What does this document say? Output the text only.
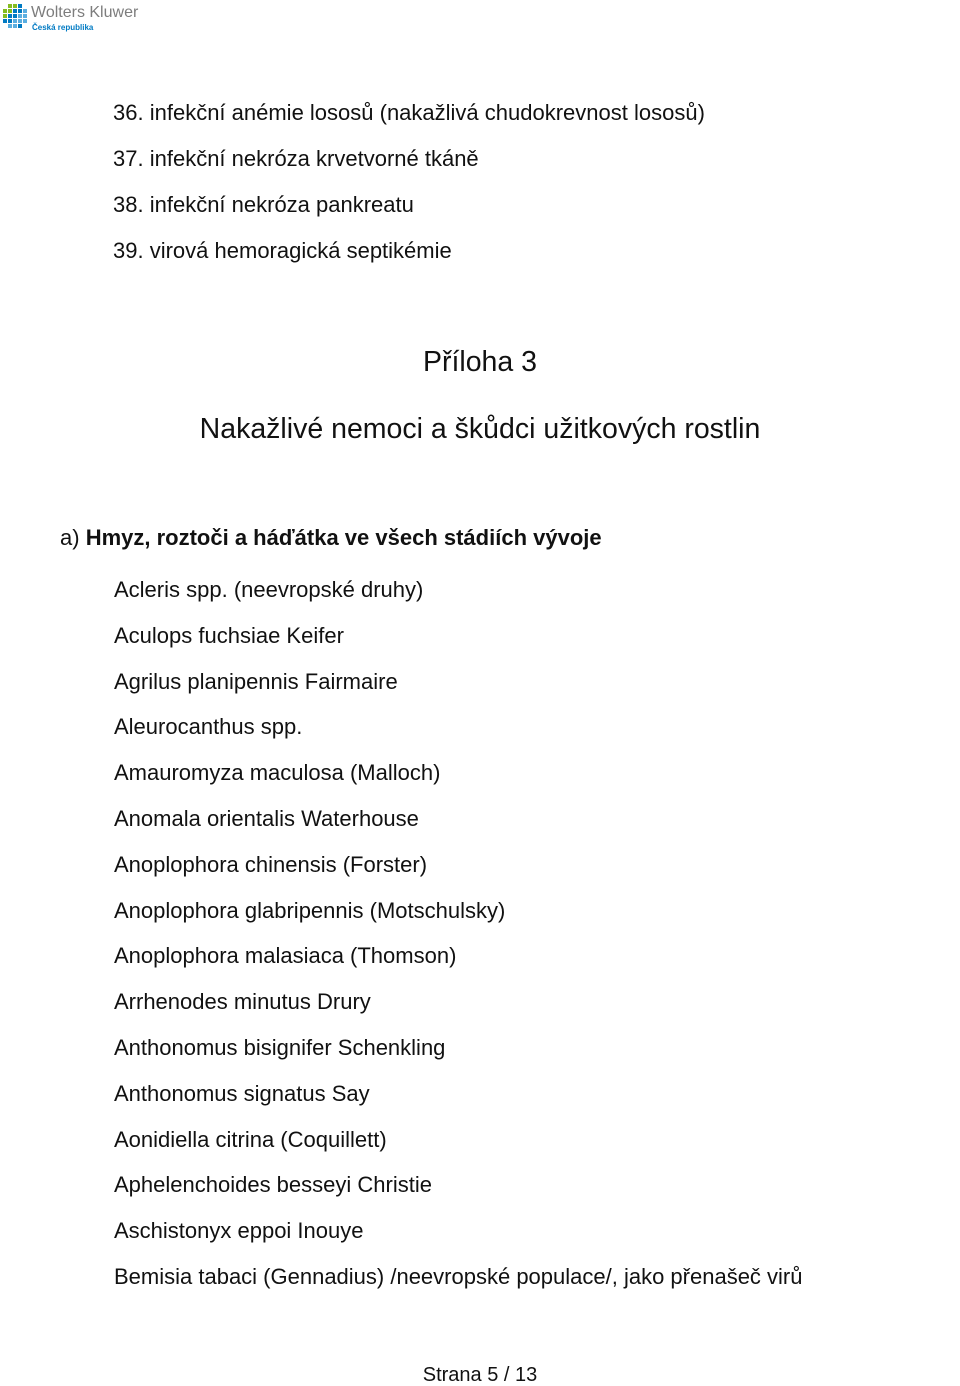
Wolters Kluwer
Česká republika
36. infekční anémie lososů (nakažlivá chudokrevnost lososů)
37. infekční nekróza krvetvorné tkáně
38. infekční nekróza pankreatu
39. virová hemoragická septikémie
Příloha 3
Nakažlivé nemoci a škůdci užitkových rostlin
a) Hmyz, roztoči a háďátka ve všech stádiích vývoje
Acleris spp. (neevropské druhy)
Aculops fuchsiae Keifer
Agrilus planipennis Fairmaire
Aleurocanthus spp.
Amauromyza maculosa (Malloch)
Anomala orientalis Waterhouse
Anoplophora chinensis (Forster)
Anoplophora glabripennis (Motschulsky)
Anoplophora malasiaca (Thomson)
Arrhenodes minutus Drury
Anthonomus bisignifer Schenkling
Anthonomus signatus Say
Aonidiella citrina (Coquillett)
Aphelenchoides besseyi Christie
Aschistonyx eppoi Inouye
Bemisia tabaci (Gennadius) /neevropské populace/, jako přenašeč virů
Strana 5 / 13
